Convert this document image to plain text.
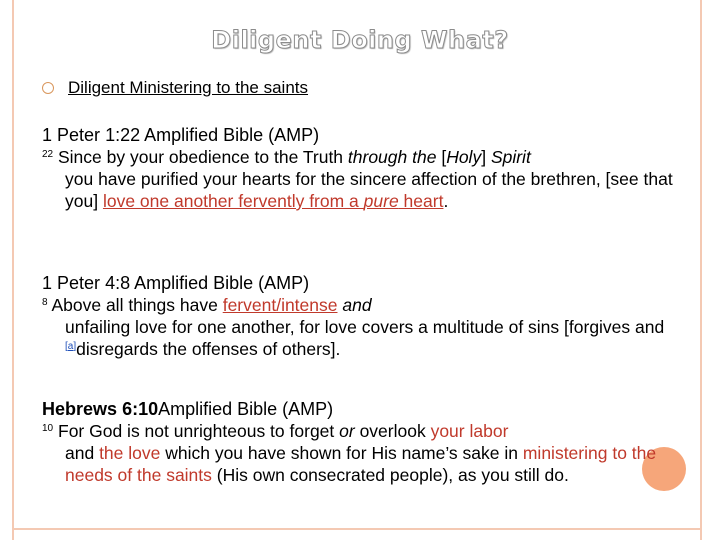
Diligent Doing What?
Diligent Ministering to the saints
1 Peter 1:22 Amplified Bible (AMP)
$^{22}$ Since by your obedience to the Truth through the [Holy] Spirit
you have purified your hearts for the sincere affection of the brethren, [see that you] love one another fervently from a pure heart.
1 Peter 4:8 Amplified Bible (AMP)
$^8$ Above all things have fervent/intense and
unfailing love for one another, for love covers a multitude of sins [forgives and [a]disregards the offenses of others].
Hebrews 6:10Amplified Bible (AMP)
$^{10}$ For God is not unrighteous to forget or overlook your labor
and the love which you have shown for His name’s sake in ministering to the needs of the saints (His own consecrated people), as you still do.
